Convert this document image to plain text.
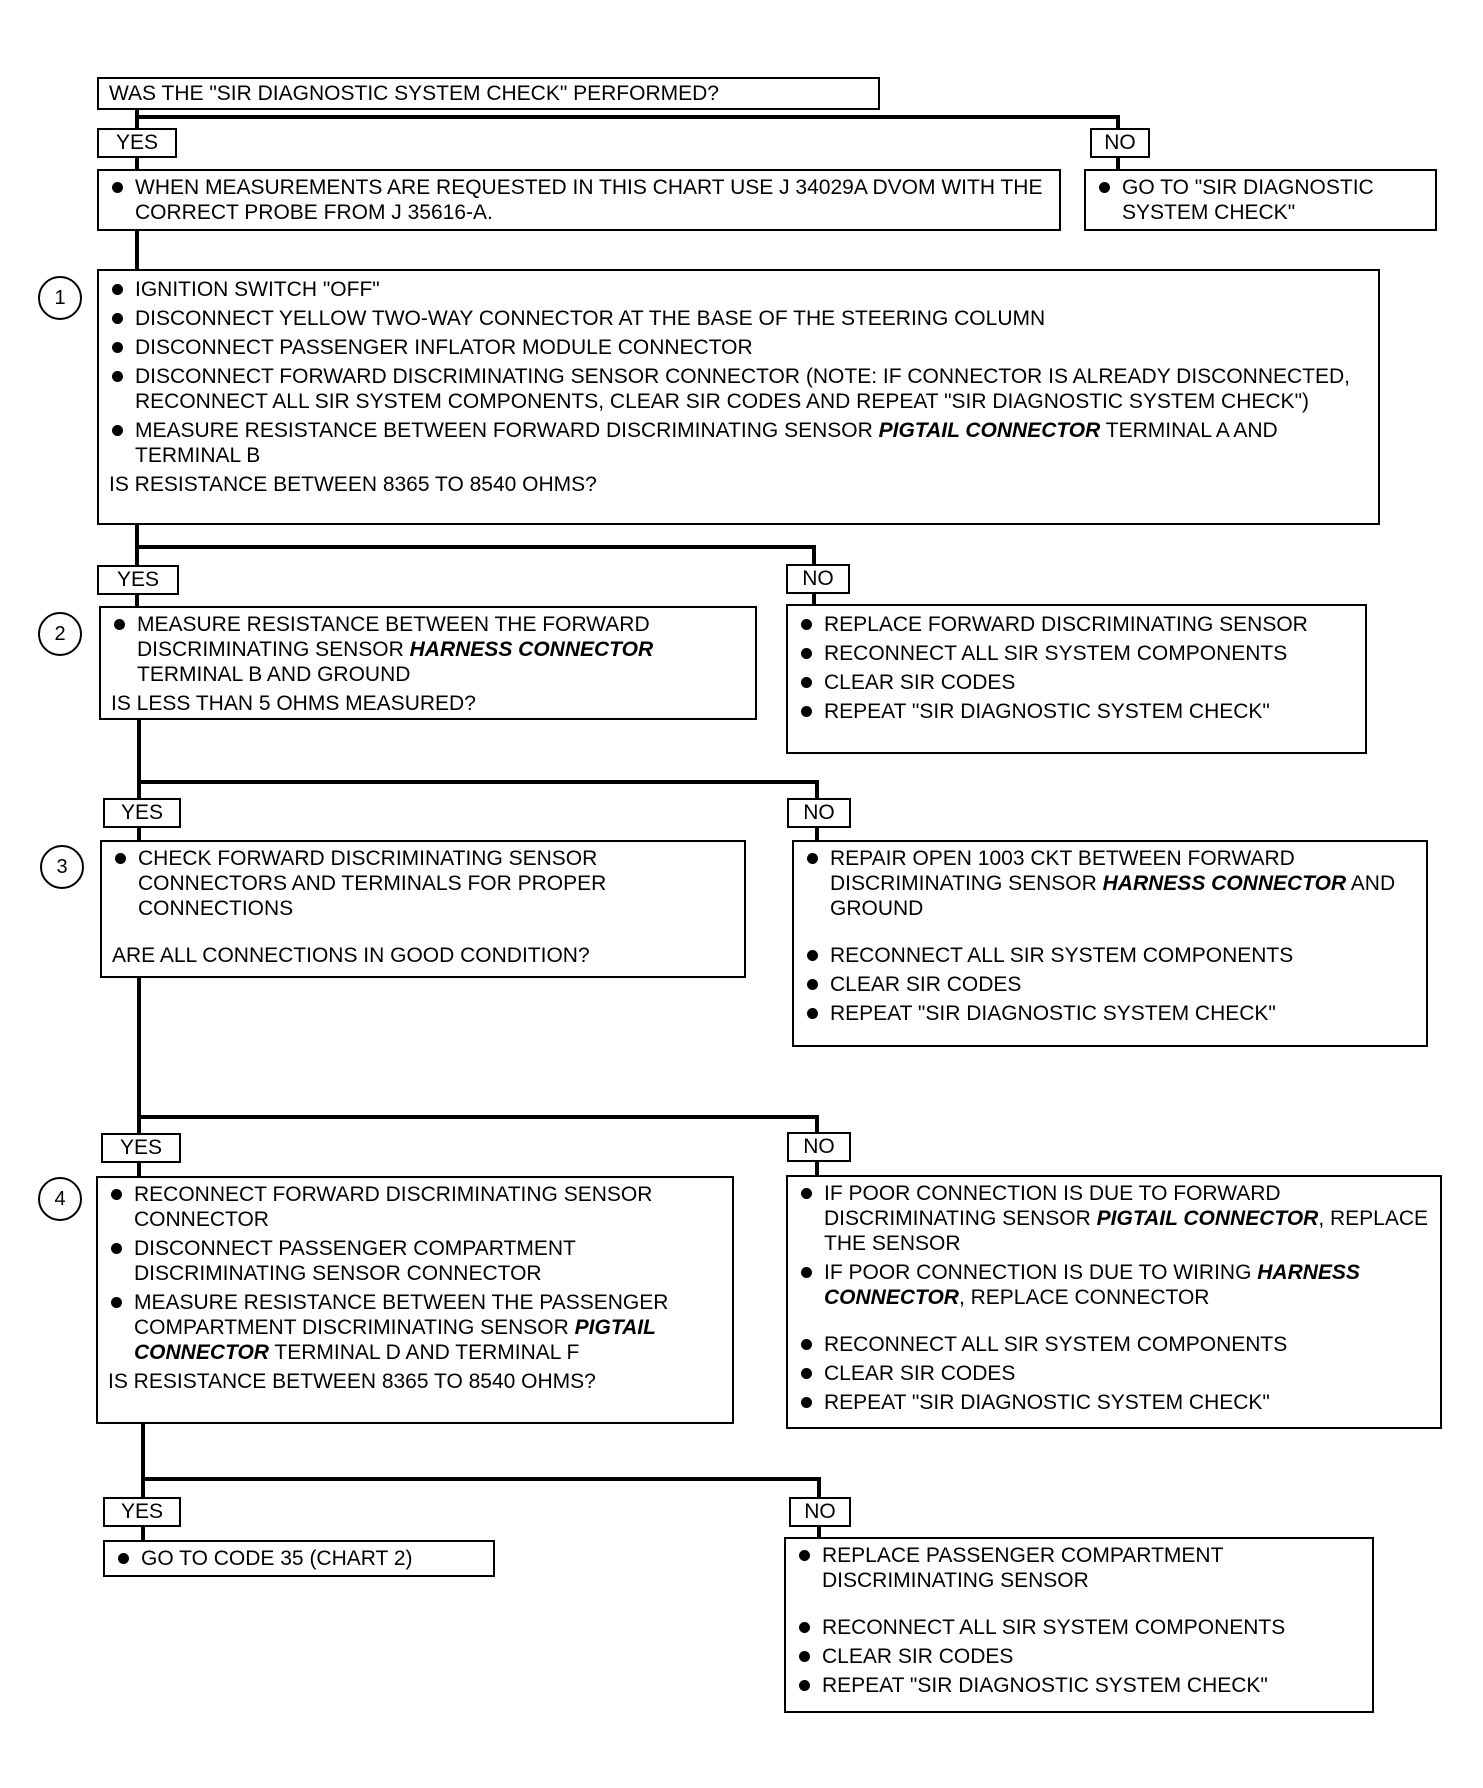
WAS THE "SIR DIAGNOSTIC SYSTEM CHECK" PERFORMED?
YES	NO
WHEN MEASUREMENTS ARE REQUESTED IN THIS CHART USE J 34029A DVOM WITH THE CORRECT PROBE FROM J 35616-A.
GO TO "SIR DIAGNOSTIC SYSTEM CHECK"
1	IGNITION SWITCH "OFF"
DISCONNECT YELLOW TWO-WAY CONNECTOR AT THE BASE OF THE STEERING COLUMN
DISCONNECT PASSENGER INFLATOR MODULE CONNECTOR
DISCONNECT FORWARD DISCRIMINATING SENSOR CONNECTOR (NOTE: IF CONNECTOR IS ALREADY DISCONNECTED, RECONNECT ALL SIR SYSTEM COMPONENTS, CLEAR SIR CODES AND REPEAT "SIR DIAGNOSTIC SYSTEM CHECK")
MEASURE RESISTANCE BETWEEN FORWARD DISCRIMINATING SENSOR PIGTAIL CONNECTOR TERMINAL A AND TERMINAL B

IS RESISTANCE BETWEEN 8365 TO 8540 OHMS?

YES	NO
2	MEASURE RESISTANCE BETWEEN THE FORWARD DISCRIMINATING SENSOR HARNESS CONNECTOR TERMINAL B AND GROUND

IS LESS THAN 5 OHMS MEASURED?

REPLACE FORWARD DISCRIMINATING SENSOR
RECONNECT ALL SIR SYSTEM COMPONENTS
CLEAR SIR CODES
REPEAT "SIR DIAGNOSTIC SYSTEM CHECK"
YES	NO
3	CHECK FORWARD DISCRIMINATING SENSOR CONNECTORS AND TERMINALS FOR PROPER CONNECTIONS

ARE ALL CONNECTIONS IN GOOD CONDITION?

REPAIR OPEN 1003 CKT BETWEEN FORWARD DISCRIMINATING SENSOR HARNESS CONNECTOR AND GROUND
RECONNECT ALL SIR SYSTEM COMPONENTS
CLEAR SIR CODES
REPEAT "SIR DIAGNOSTIC SYSTEM CHECK"
YES	NO
4	RECONNECT FORWARD DISCRIMINATING SENSOR CONNECTOR
DISCONNECT PASSENGER COMPARTMENT DISCRIMINATING SENSOR CONNECTOR
MEASURE RESISTANCE BETWEEN THE PASSENGER COMPARTMENT DISCRIMINATING SENSOR PIGTAIL CONNECTOR TERMINAL D AND TERMINAL F

IS RESISTANCE BETWEEN 8365 TO 8540 OHMS?

IF POOR CONNECTION IS DUE TO FORWARD DISCRIMINATING SENSOR PIGTAIL CONNECTOR, REPLACE THE SENSOR
IF POOR CONNECTION IS DUE TO WIRING HARNESS CONNECTOR, REPLACE CONNECTOR
RECONNECT ALL SIR SYSTEM COMPONENTS
CLEAR SIR CODES
REPEAT "SIR DIAGNOSTIC SYSTEM CHECK"
YES	NO
GO TO CODE 35 (CHART 2)	REPLACE PASSENGER COMPARTMENT DISCRIMINATING SENSOR
RECONNECT ALL SIR SYSTEM COMPONENTS
CLEAR SIR CODES
REPEAT "SIR DIAGNOSTIC SYSTEM CHECK"
